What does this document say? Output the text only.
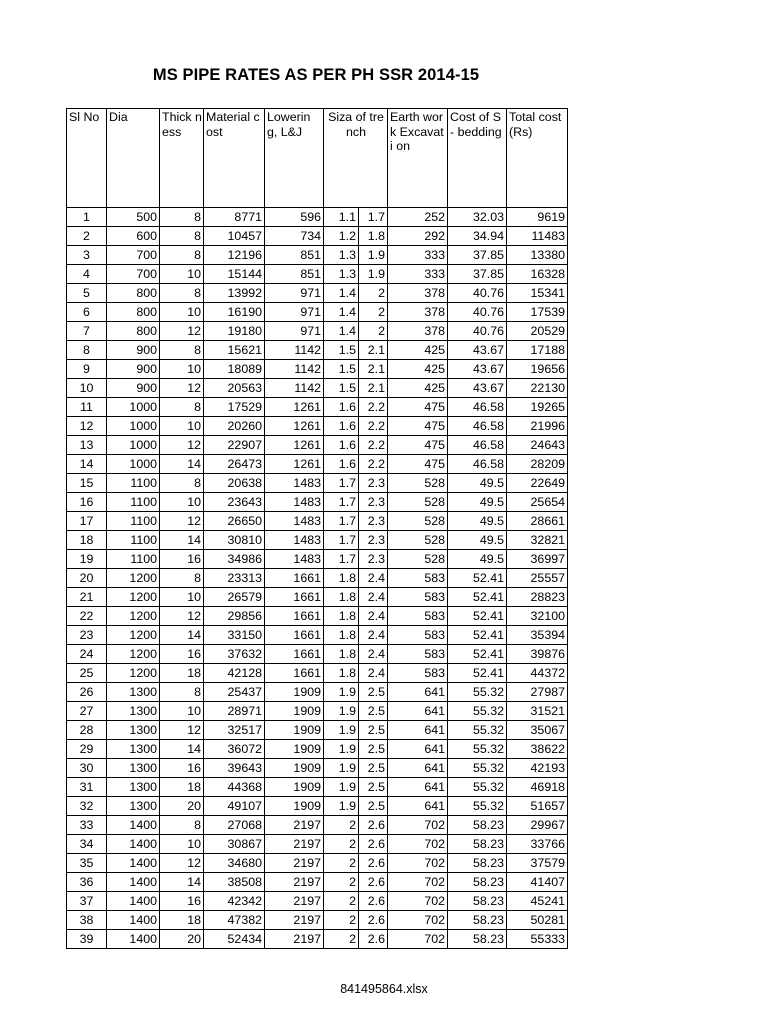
MS PIPE RATES AS PER PH SSR 2014-15
Sl No	Dia	Thick ness	Material cost	Lowerin g, L&J	Siza of trench		Earth work Excavati on	Cost of S- bedding	Total cost (Rs)
1	500	8	8771	596	1.1	1.7	252	32.03	9619
2	600	8	10457	734	1.2	1.8	292	34.94	11483
3	700	8	12196	851	1.3	1.9	333	37.85	13380
4	700	10	15144	851	1.3	1.9	333	37.85	16328
5	800	8	13992	971	1.4	2	378	40.76	15341
6	800	10	16190	971	1.4	2	378	40.76	17539
7	800	12	19180	971	1.4	2	378	40.76	20529
8	900	8	15621	1142	1.5	2.1	425	43.67	17188
9	900	10	18089	1142	1.5	2.1	425	43.67	19656
10	900	12	20563	1142	1.5	2.1	425	43.67	22130
11	1000	8	17529	1261	1.6	2.2	475	46.58	19265
12	1000	10	20260	1261	1.6	2.2	475	46.58	21996
13	1000	12	22907	1261	1.6	2.2	475	46.58	24643
14	1000	14	26473	1261	1.6	2.2	475	46.58	28209
15	1100	8	20638	1483	1.7	2.3	528	49.5	22649
16	1100	10	23643	1483	1.7	2.3	528	49.5	25654
17	1100	12	26650	1483	1.7	2.3	528	49.5	28661
18	1100	14	30810	1483	1.7	2.3	528	49.5	32821
19	1100	16	34986	1483	1.7	2.3	528	49.5	36997
20	1200	8	23313	1661	1.8	2.4	583	52.41	25557
21	1200	10	26579	1661	1.8	2.4	583	52.41	28823
22	1200	12	29856	1661	1.8	2.4	583	52.41	32100
23	1200	14	33150	1661	1.8	2.4	583	52.41	35394
24	1200	16	37632	1661	1.8	2.4	583	52.41	39876
25	1200	18	42128	1661	1.8	2.4	583	52.41	44372
26	1300	8	25437	1909	1.9	2.5	641	55.32	27987
27	1300	10	28971	1909	1.9	2.5	641	55.32	31521
28	1300	12	32517	1909	1.9	2.5	641	55.32	35067
29	1300	14	36072	1909	1.9	2.5	641	55.32	38622
30	1300	16	39643	1909	1.9	2.5	641	55.32	42193
31	1300	18	44368	1909	1.9	2.5	641	55.32	46918
32	1300	20	49107	1909	1.9	2.5	641	55.32	51657
33	1400	8	27068	2197	2	2.6	702	58.23	29967
34	1400	10	30867	2197	2	2.6	702	58.23	33766
35	1400	12	34680	2197	2	2.6	702	58.23	37579
36	1400	14	38508	2197	2	2.6	702	58.23	41407
37	1400	16	42342	2197	2	2.6	702	58.23	45241
38	1400	18	47382	2197	2	2.6	702	58.23	50281
39	1400	20	52434	2197	2	2.6	702	58.23	55333
841495864.xlsx
